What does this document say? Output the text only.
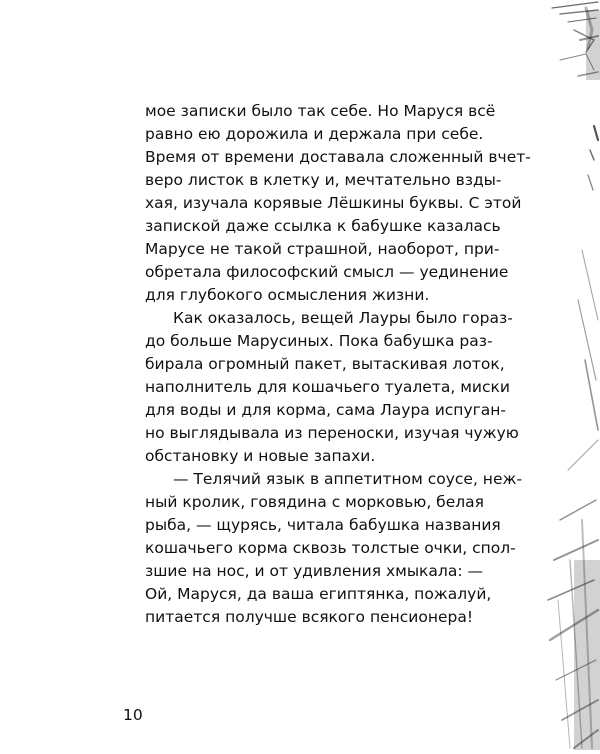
мое записки было так себе. Но Маруся всё
равно ею дорожила и держала при себе.
Время от времени доставала сложенный вчет-
веро листок в клетку и, мечтательно взды-
хая, изучала корявые Лёшкины буквы. С этой
запиской даже ссылка к бабушке казалась
Марусе не такой страшной, наоборот, при-
обретала философский смысл — уединение
для глубокого осмысления жизни.
Как оказалось, вещей Лауры было горaз-
до больше Марусиных. Пока бабушка раз-
бирала огромный пакет, вытаскивая лоток,
наполнитель для кошачьего туалета, миски
для воды и для корма, сама Лаура испуган-
но выглядывала из переноски, изучая чужую
обстановку и новые запахи.
— Телячий язык в аппетитном соусе, неж-
ный кролик, говядина с морковью, белая
рыба, — щурясь, читала бабушка названия
кошачьего корма сквозь толстые очки, спол-
зшие на нос, и от удивления хмыкала: —
Ой, Маруся, да ваша египтянка, пожалуй,
питается получше всякого пенсионера!
10
